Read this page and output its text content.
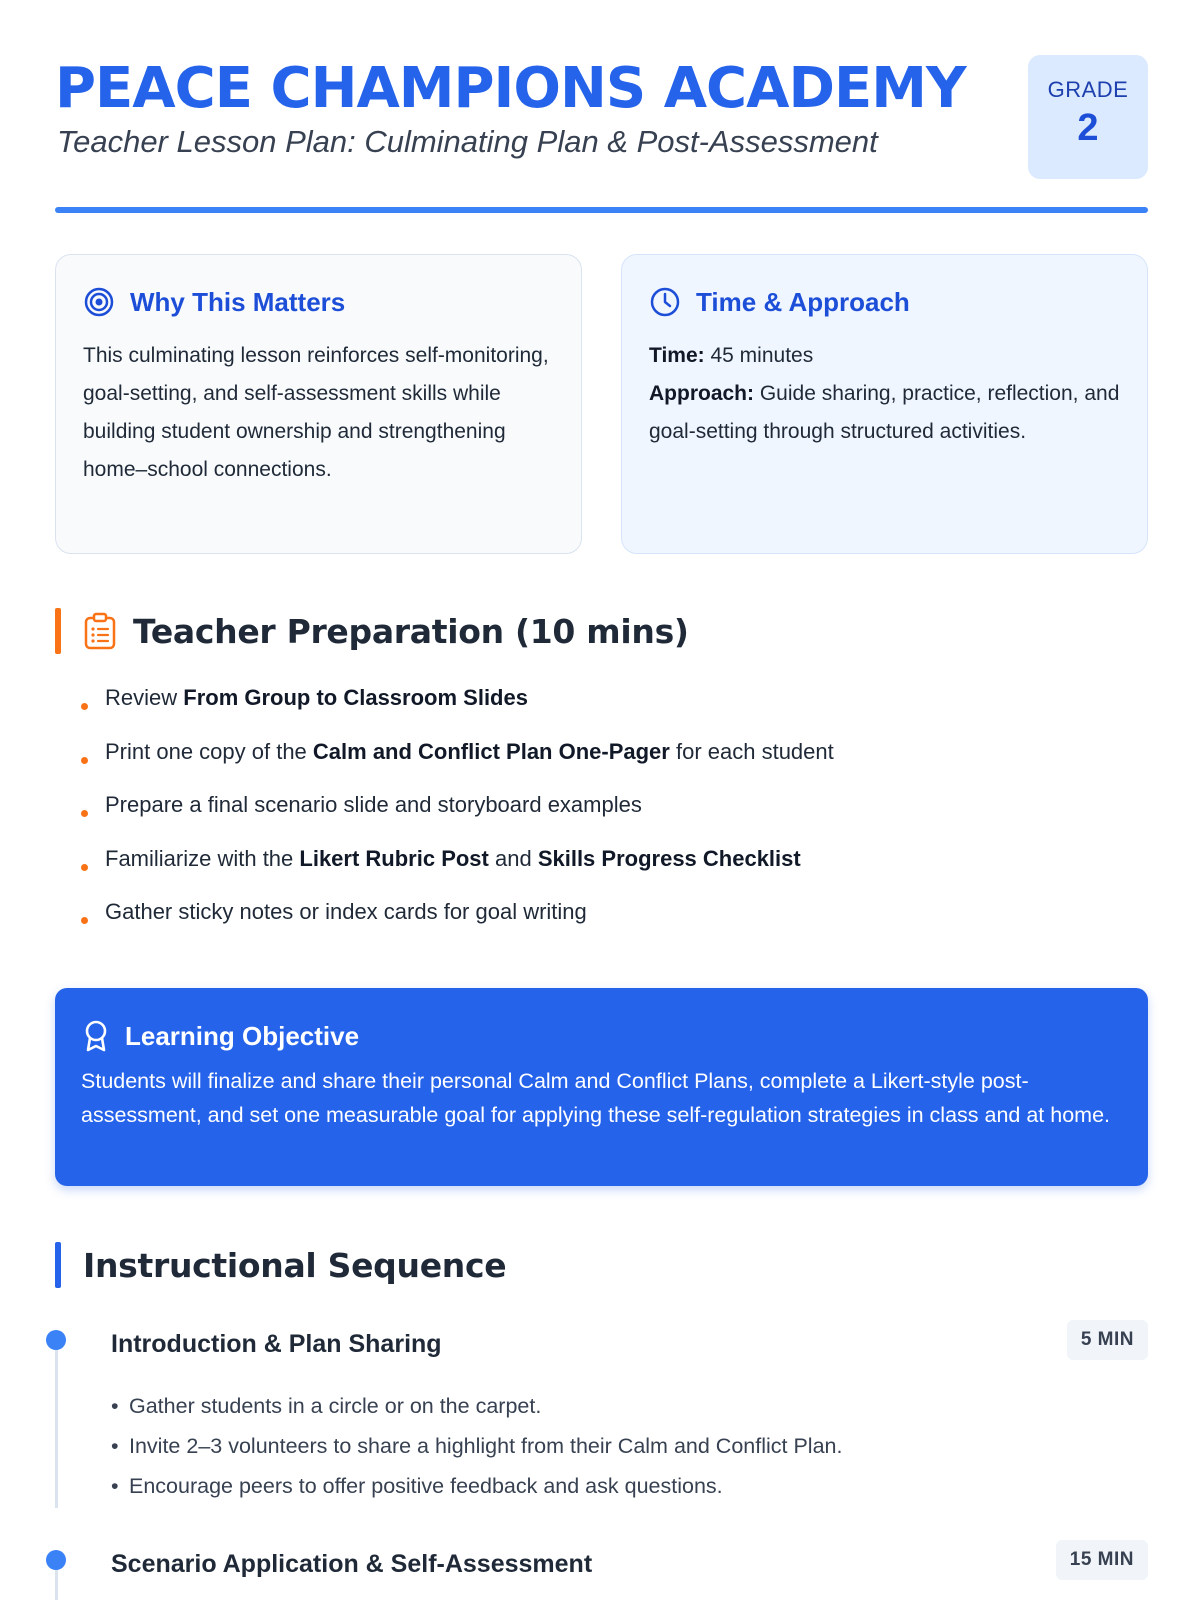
PEACE CHAMPIONS ACADEMY
Teacher Lesson Plan: Culminating Plan & Post-Assessment
GRADE
2
Why This Matters
This culminating lesson reinforces self-monitoring, goal-setting, and self-assessment skills while building student ownership and strengthening home–school connections.
Time & Approach
Time: 45 minutes
Approach: Guide sharing, practice, reflection, and goal-setting through structured activities.
Teacher Preparation (10 mins)
Review From Group to Classroom Slides
Print one copy of the Calm and Conflict Plan One-Pager for each student
Prepare a final scenario slide and storyboard examples
Familiarize with the Likert Rubric Post and Skills Progress Checklist
Gather sticky notes or index cards for goal writing
Learning Objective
Students will finalize and share their personal Calm and Conflict Plans, complete a Likert-style post-assessment, and set one measurable goal for applying these self-regulation strategies in class and at home.
Instructional Sequence
Introduction & Plan Sharing	5 MIN
• Gather students in a circle or on the carpet.
• Invite 2–3 volunteers to share a highlight from their Calm and Conflict Plan.
• Encourage peers to offer positive feedback and ask questions.
Scenario Application & Self-Assessment	15 MIN
